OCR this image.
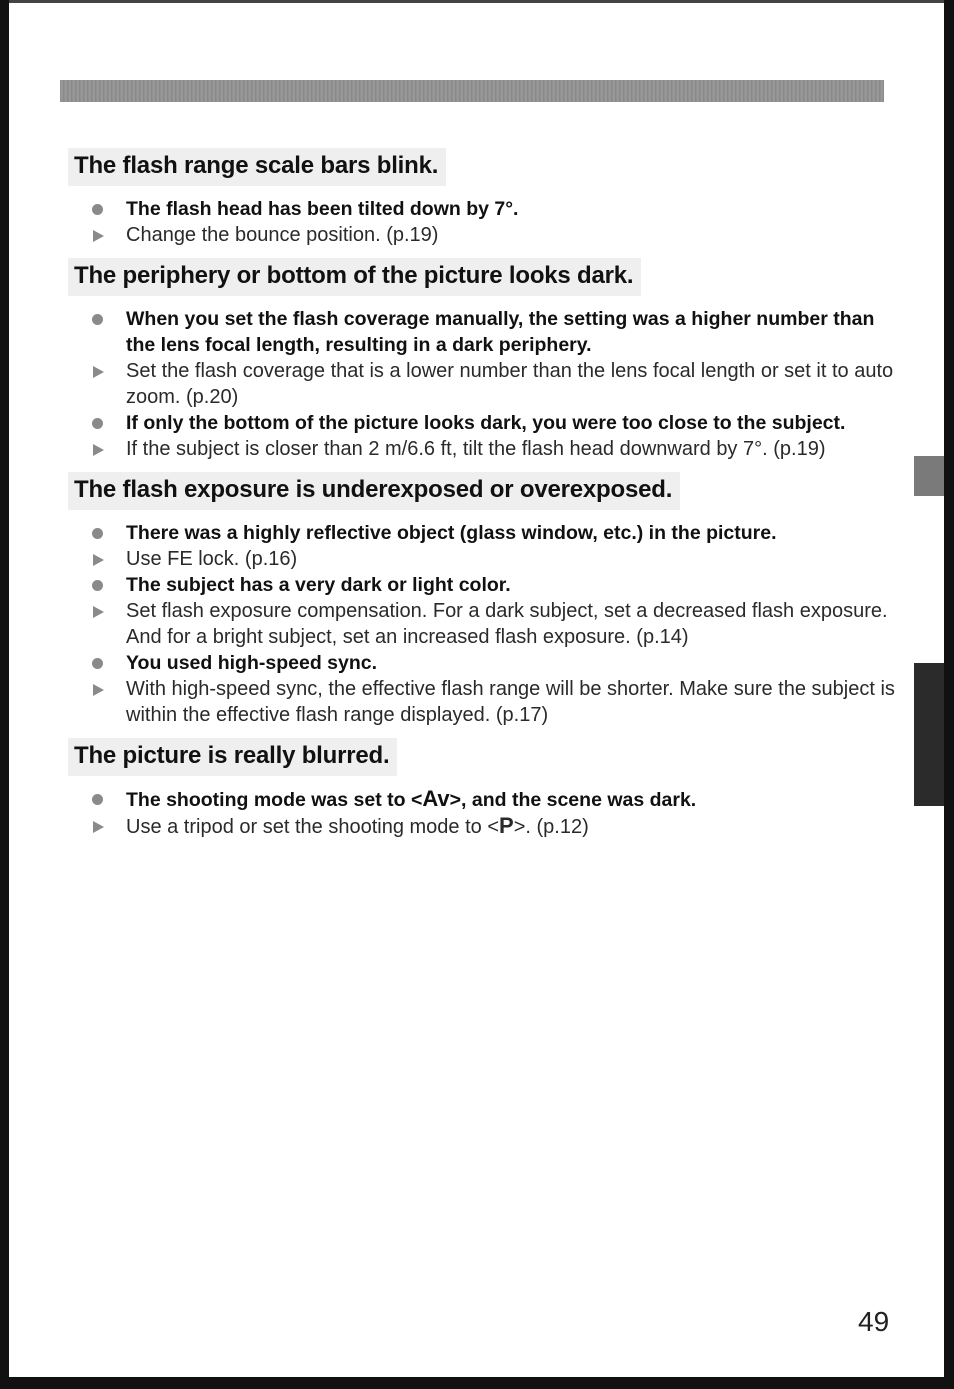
The flash range scale bars blink.
The flash head has been tilted down by 7°.
Change the bounce position. (p.19)
The periphery or bottom of the picture looks dark.
When you set the flash coverage manually, the setting was a higher number than the lens focal length, resulting in a dark periphery.
Set the flash coverage that is a lower number than the lens focal length or set it to auto zoom. (p.20)
If only the bottom of the picture looks dark, you were too close to the subject.
If the subject is closer than 2 m/6.6 ft, tilt the flash head downward by 7°. (p.19)
The flash exposure is underexposed or overexposed.
There was a highly reflective object (glass window, etc.) in the picture.
Use FE lock. (p.16)
The subject has a very dark or light color.
Set flash exposure compensation. For a dark subject, set a decreased flash exposure. And for a bright subject, set an increased flash exposure. (p.14)
You used high-speed sync.
With high-speed sync, the effective flash range will be shorter. Make sure the subject is within the effective flash range displayed. (p.17)
The picture is really blurred.
The shooting mode was set to <Av>, and the scene was dark.
Use a tripod or set the shooting mode to <P>. (p.12)
49
